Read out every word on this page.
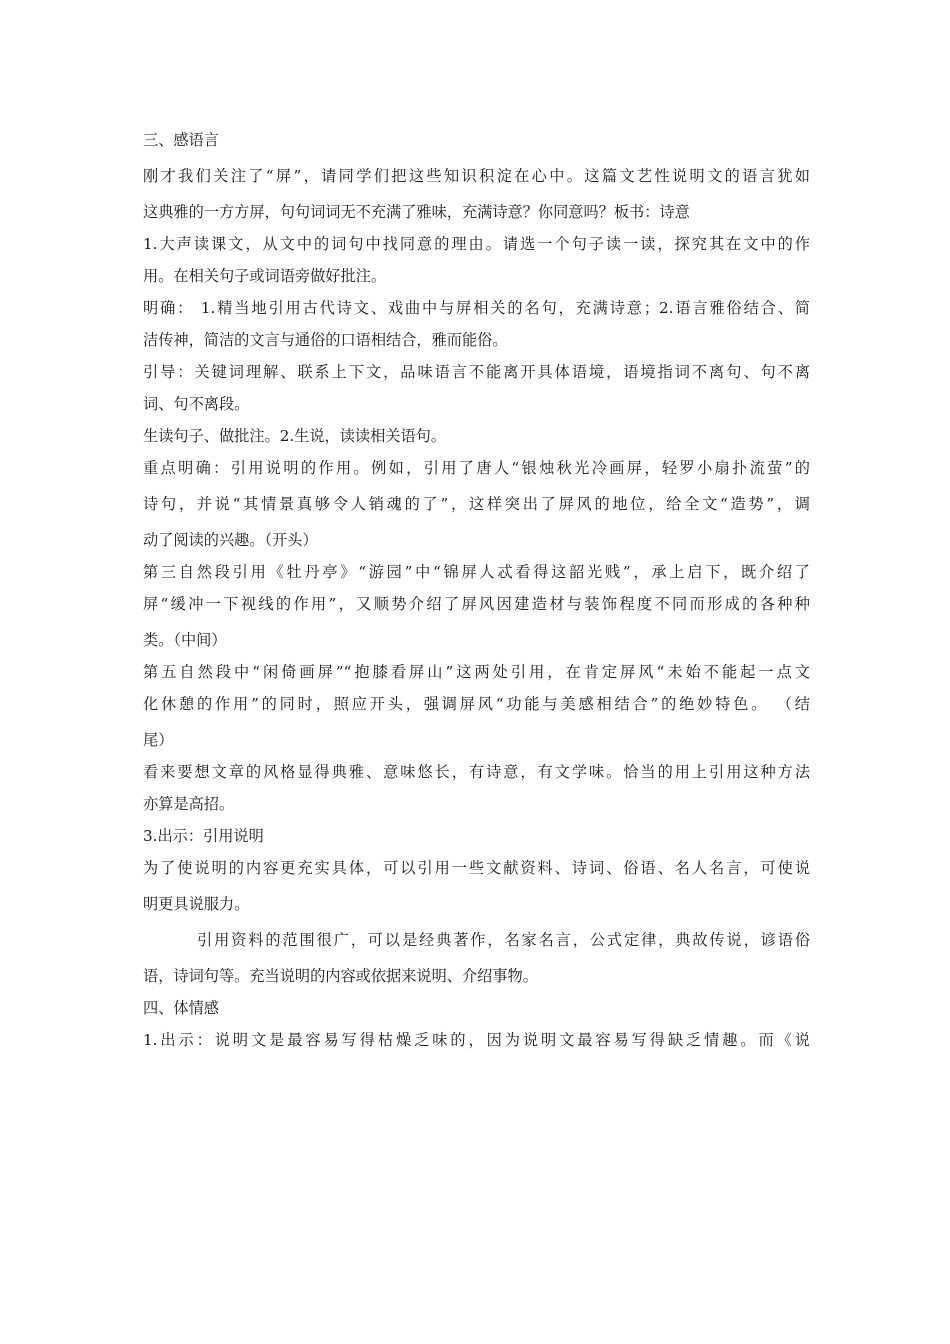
三、感语言
刚才我们关注了“屏”，请同学们把这些知识积淀在心中。这篇文艺性说明文的语言犹如
这典雅的一方方屏，句句词词无不充满了雅味，充满诗意？你同意吗？板书：诗意
1.大声读课文，从文中的词句中找同意的理由。请选一个句子读一读，探究其在文中的作
用。在相关句子或词语旁做好批注。
明确： 1.精当地引用古代诗文、戏曲中与屏相关的名句，充满诗意；2.语言雅俗结合、简
洁传神，简洁的文言与通俗的口语相结合，雅而能俗。
引导：关键词理解、联系上下文，品味语言不能离开具体语境，语境指词不离句、句不离
词、句不离段。
生读句子、做批注。2.生说，读读相关语句。
重点明确：引用说明的作用。例如，引用了唐人“银烛秋光冷画屏，轻罗小扇扑流萤”的
诗句，并说“其情景真够令人销魂的了”，这样突出了屏风的地位，给全文“造势”，调
动了阅读的兴趣。（开头）
第三自然段引用《牡丹亭》“游园”中“锦屏人忒看得这韶光贱”，承上启下，既介绍了
屏“缓冲一下视线的作用”，又顺势介绍了屏风因建造材与装饰程度不同而形成的各种种
类。（中间）
第五自然段中“闲倚画屏”“抱膝看屏山”这两处引用，在肯定屏风“未始不能起一点文
化休憩的作用”的同时，照应开头，强调屏风“功能与美感相结合”的绝妙特色。 （结
尾）
看来要想文章的风格显得典雅、意味悠长，有诗意，有文学味。恰当的用上引用这种方法
亦算是高招。
3.出示：引用说明
为了使说明的内容更充实具体，可以引用一些文献资料、诗词、俗语、名人名言，可使说
明更具说服力。
引用资料的范围很广，可以是经典著作，名家名言，公式定律，典故传说，谚语俗
语，诗词句等。充当说明的内容或依据来说明、介绍事物。
四、体情感
1.出示：说明文是最容易写得枯燥乏味的，因为说明文最容易写得缺乏情趣。而《说
